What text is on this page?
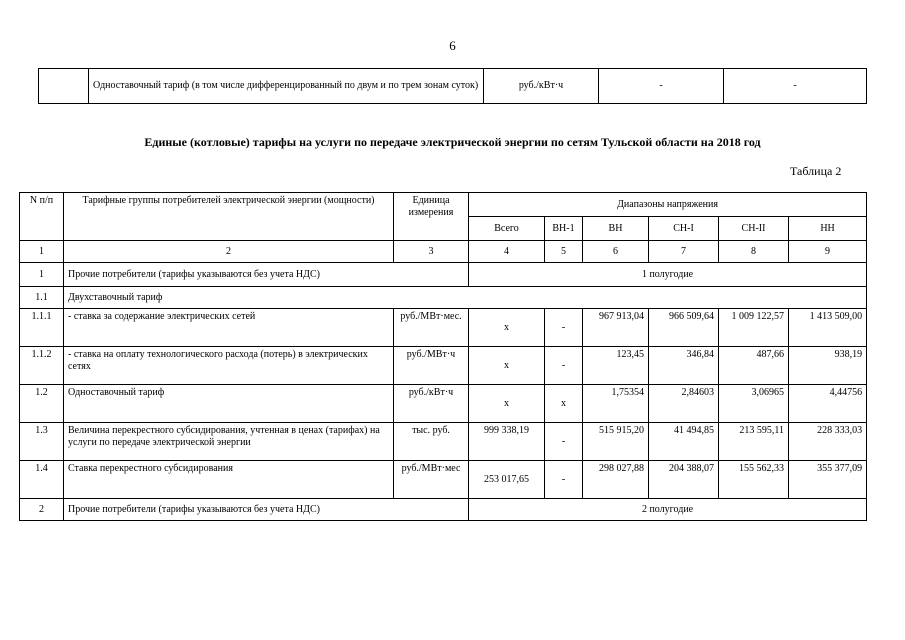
6
	Одноставочный тариф (в том числе дифференцированный по двум и по трем зонам суток)	руб./кВт·ч	-	-
Единые (котловые) тарифы на услуги по передаче электрической энергии по сетям Тульской области на 2018 год
Таблица 2
N п/п	Тарифные группы потребителей электрической энергии (мощности)	Единица измерения	Диапазоны напряжения					
			Всего	ВН-1	ВН	СН-I	СН-II	НН
1	2	3	4	5	6	7	8	9
1	Прочие потребители (тарифы указываются без учета НДС)		1 полугодие					
1.1	Двухставочный тариф							
1.1.1	- ставка за содержание электрических сетей	руб./МВт·мес.	х	-	967 913,04	966 509,64	1 009 122,57	1 413 509,00
1.1.2	- ставка на оплату технологического расхода (потерь) в электрических сетях	руб./МВт·ч	х	-	123,45	346,84	487,66	938,19
1.2	Одноставочный тариф	руб./кВт·ч	х	х	1,75354	2,84603	3,06965	4,44756
1.3	Величина перекрестного субсидирования, учтенная в ценах (тарифах) на услуги по передаче электрической энергии	тыс. руб.	999 338,19	-	515 915,20	41 494,85	213 595,11	228 333,03
1.4	Ставка перекрестного субсидирования	руб./МВт·мес	253 017,65	-	298 027,88	204 388,07	155 562,33	355 377,09
2	Прочие потребители (тарифы указываются без учета НДС)		2 полугодие					
